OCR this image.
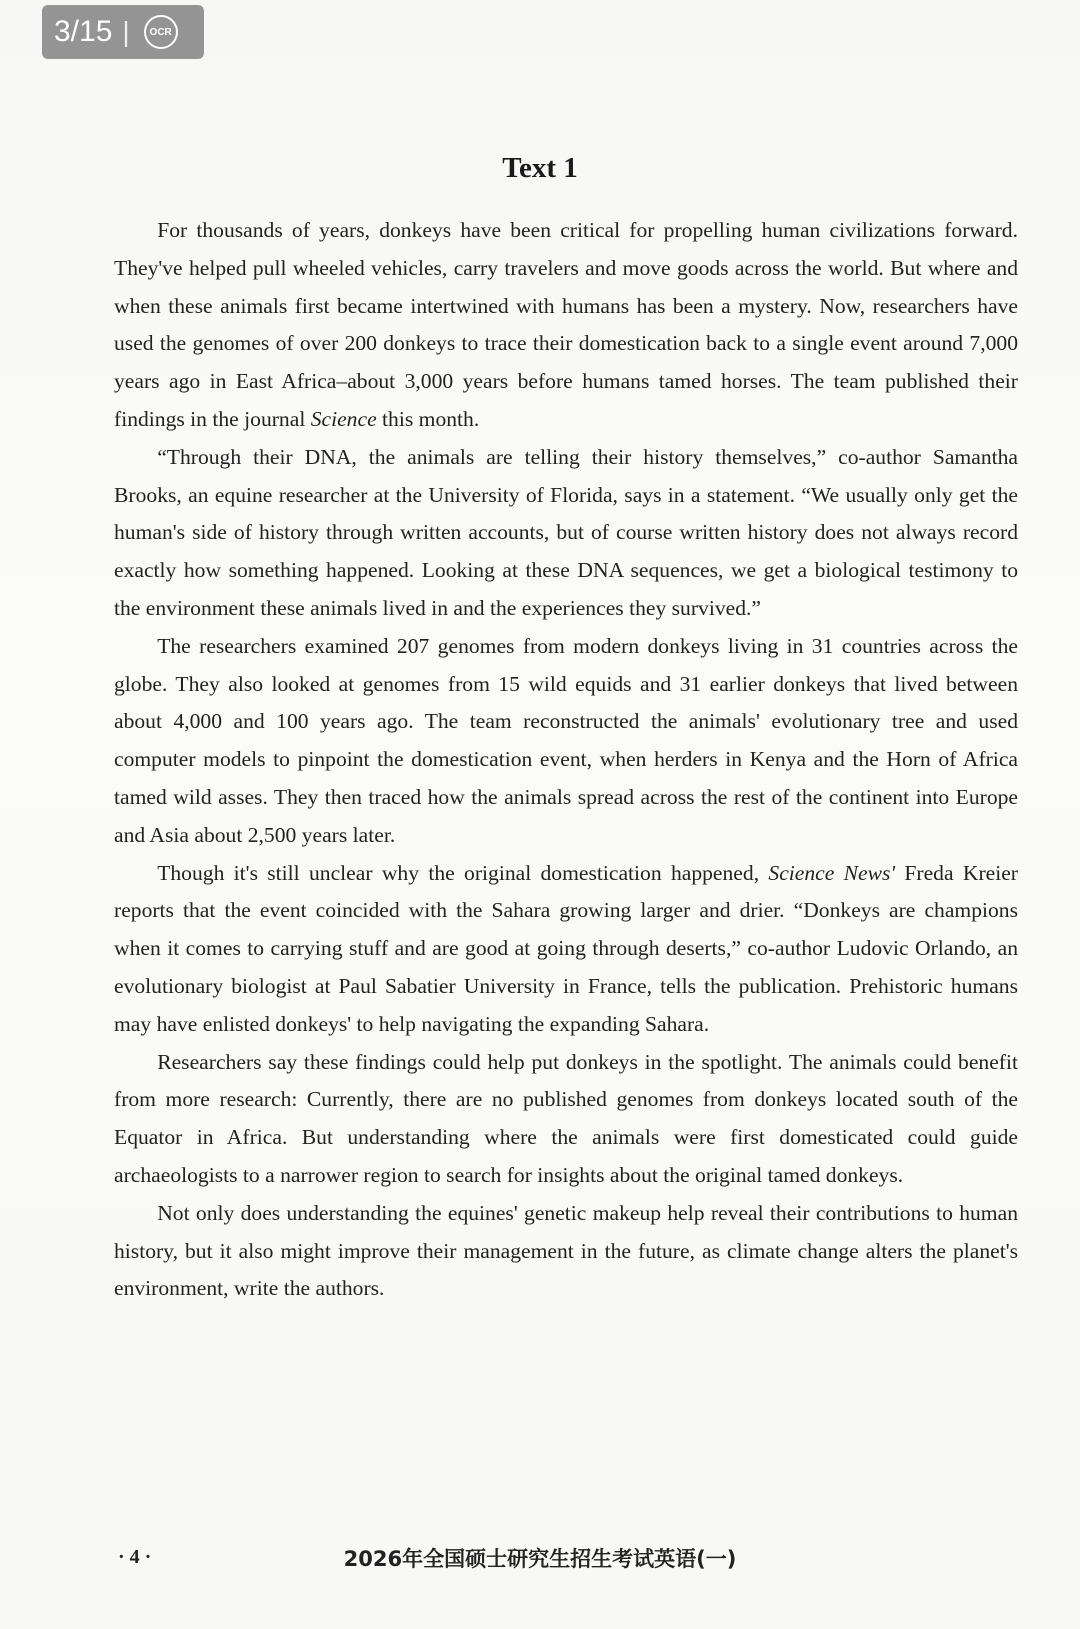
3/15 | OCR
Text 1

For thousands of years, donkeys have been critical for propelling human civilizations forward. They've helped pull wheeled vehicles, carry travelers and move goods across the world. But where and when these animals first became intertwined with humans has been a mystery. Now, researchers have used the genomes of over 200 donkeys to trace their domestication back to a single event around 7,000 years ago in East Africa–about 3,000 years before humans tamed horses. The team published their findings in the journal Science this month.

“Through their DNA, the animals are telling their history themselves,” co-author Samantha Brooks, an equine researcher at the University of Florida, says in a statement. “We usually only get the human's side of history through written accounts, but of course written history does not always record exactly how something happened. Looking at these DNA sequences, we get a biological testimony to the environment these animals lived in and the experiences they survived.”

The researchers examined 207 genomes from modern donkeys living in 31 countries across the globe. They also looked at genomes from 15 wild equids and 31 earlier donkeys that lived between about 4,000 and 100 years ago. The team reconstructed the animals' evolutionary tree and used computer models to pinpoint the domestication event, when herders in Kenya and the Horn of Africa tamed wild asses. They then traced how the animals spread across the rest of the continent into Europe and Asia about 2,500 years later.

Though it's still unclear why the original domestication happened, Science News' Freda Kreier reports that the event coincided with the Sahara growing larger and drier. “Donkeys are champions when it comes to carrying stuff and are good at going through deserts,” co-author Ludovic Orlando, an evolutionary biologist at Paul Sabatier University in France, tells the publication. Prehistoric humans may have enlisted donkeys' to help navigating the expanding Sahara.

Researchers say these findings could help put donkeys in the spotlight. The animals could benefit from more research: Currently, there are no published genomes from donkeys located south of the Equator in Africa. But understanding where the animals were first domesticated could guide archaeologists to a narrower region to search for insights about the original tamed donkeys.

Not only does understanding the equines' genetic makeup help reveal their contributions to human history, but it also might improve their management in the future, as climate change alters the planet's environment, write the authors.

· 4 ·	2026年全国硕士研究生招生考试英语(一)
